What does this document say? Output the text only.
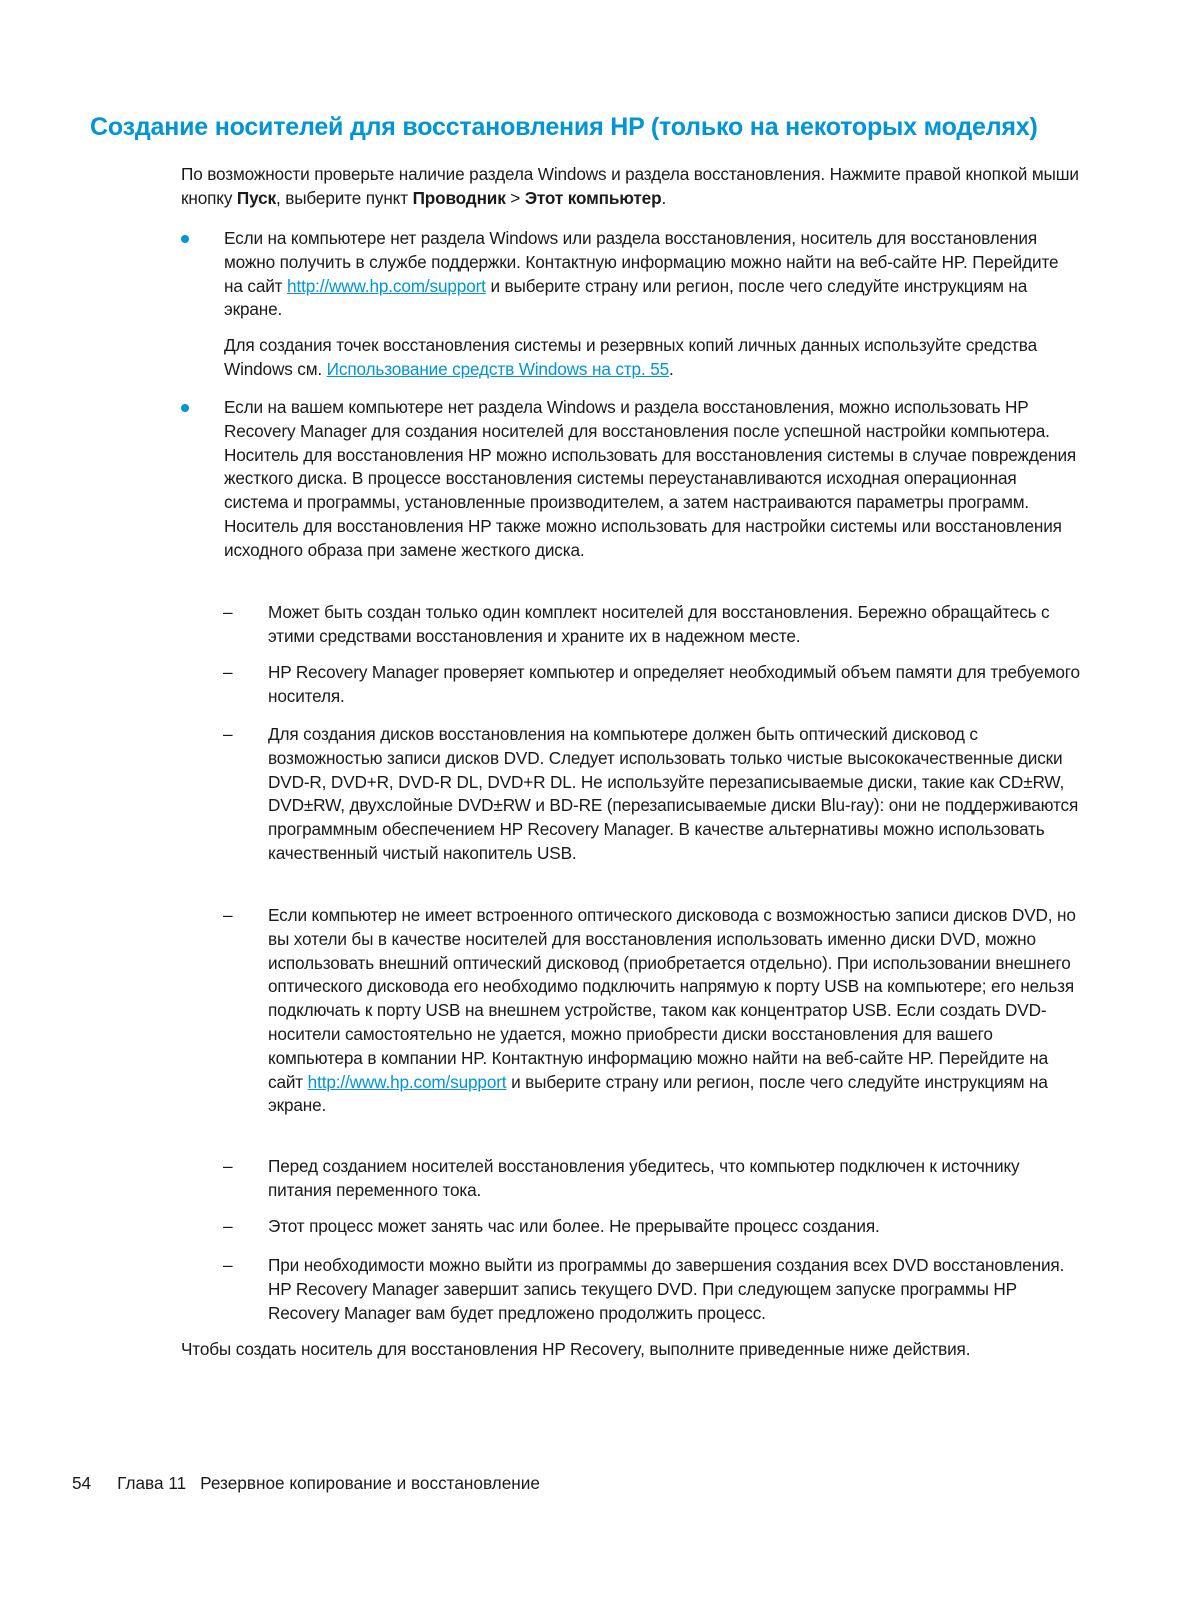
Создание носителей для восстановления HP (только на некоторых моделях)

По возможности проверьте наличие раздела Windows и раздела восстановления. Нажмите правой кнопкой мыши кнопку Пуск, выберите пункт Проводник > Этот компьютер.

Если на компьютере нет раздела Windows или раздела восстановления, носитель для восстановления можно получить в службе поддержки. Контактную информацию можно найти на веб-сайте HP. Перейдите на сайт http://www.hp.com/support и выберите страну или регион, после чего следуйте инструкциям на экране.

Для создания точек восстановления системы и резервных копий личных данных используйте средства Windows см. Использование средств Windows на стр. 55.

Если на вашем компьютере нет раздела Windows и раздела восстановления, можно использовать HP Recovery Manager для создания носителей для восстановления после успешной настройки компьютера. Носитель для восстановления HP можно использовать для восстановления системы в случае повреждения жесткого диска. В процессе восстановления системы переустанавливаются исходная операционная система и программы, установленные производителем, а затем настраиваются параметры программ. Носитель для восстановления HP также можно использовать для настройки системы или восстановления исходного образа при замене жесткого диска.

–	Может быть создан только один комплект носителей для восстановления. Бережно обращайтесь с этими средствами восстановления и храните их в надежном месте.

–	HP Recovery Manager проверяет компьютер и определяет необходимый объем памяти для требуемого носителя.

–	Для создания дисков восстановления на компьютере должен быть оптический дисковод с возможностью записи дисков DVD. Следует использовать только чистые высококачественные диски DVD-R, DVD+R, DVD-R DL, DVD+R DL. Не используйте перезаписываемые диски, такие как CD±RW, DVD±RW, двухслойные DVD±RW и BD-RE (перезаписываемые диски Blu-ray): они не поддерживаются программным обеспечением HP Recovery Manager. В качестве альтернативы можно использовать качественный чистый накопитель USB.

–	Если компьютер не имеет встроенного оптического дисковода с возможностью записи дисков DVD, но вы хотели бы в качестве носителей для восстановления использовать именно диски DVD, можно использовать внешний оптический дисковод (приобретается отдельно). При использовании внешнего оптического дисковода его необходимо подключить напрямую к порту USB на компьютере; его нельзя подключать к порту USB на внешнем устройстве, таком как концентратор USB. Если создать DVD-носители самостоятельно не удается, можно приобрести диски восстановления для вашего компьютера в компании HP. Контактную информацию можно найти на веб-сайте HP. Перейдите на сайт http://www.hp.com/support и выберите страну или регион, после чего следуйте инструкциям на экране.

–	Перед созданием носителей восстановления убедитесь, что компьютер подключен к источнику питания переменного тока.

–	Этот процесс может занять час или более. Не прерывайте процесс создания.

–	При необходимости можно выйти из программы до завершения создания всех DVD восстановления. HP Recovery Manager завершит запись текущего DVD. При следующем запуске программы HP Recovery Manager вам будет предложено продолжить процесс.

Чтобы создать носитель для восстановления HP Recovery, выполните приведенные ниже действия.

54 Глава 11 Резервное копирование и восстановление
